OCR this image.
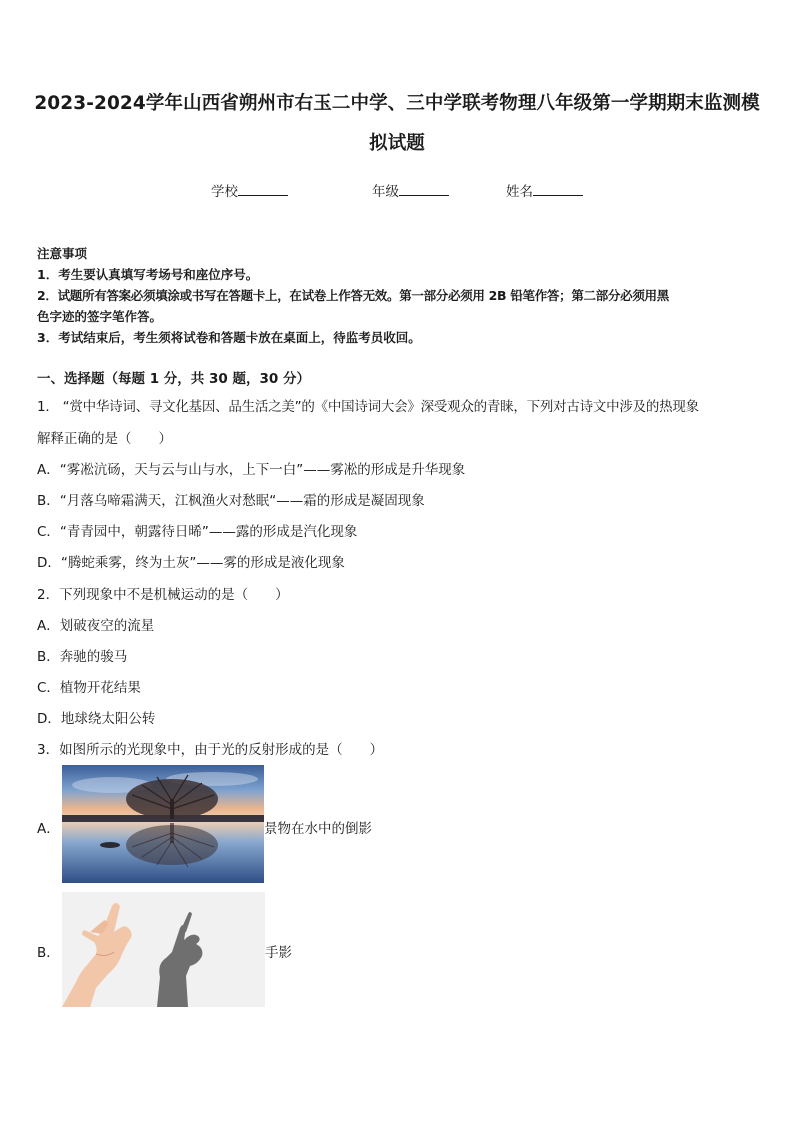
2023-2024学年山西省朔州市右玉二中学、三中学联考物理八年级第一学期期末监测模
拟试题
学校	年级	姓名
注意事项
1．考生要认真填写考场号和座位序号。
2．试题所有答案必须填涂或书写在答题卡上，在试卷上作答无效。第一部分必须用 2B 铅笔作答；第二部分必须用黑
色字迹的签字笔作答。
3．考试结束后，考生须将试卷和答题卡放在桌面上，待监考员收回。
一、选择题（每题 1 分，共 30 题，30 分）
1． “赏中华诗词、寻文化基因、品生活之美”的《中国诗词大会》深受观众的青睐，下列对古诗文中涉及的热现象
解释正确的是（　　）
A．“雾凇沆砀，天与云与山与水，上下一白”——雾凇的形成是升华现象
B．“月落乌啼霜满天，江枫渔火对愁眠“——霜的形成是凝固现象
C．“青青园中，朝露待日晞”——露的形成是汽化现象
D．“腾蛇乘雾，终为土灰”——雾的形成是液化现象
2．下列现象中不是机械运动的是（　　）
A．划破夜空的流星
B．奔驰的骏马
C．植物开花结果
D．地球绕太阳公转
3．如图所示的光现象中，由于光的反射形成的是（　　）
A．	景物在水中的倒影
B．	手影
